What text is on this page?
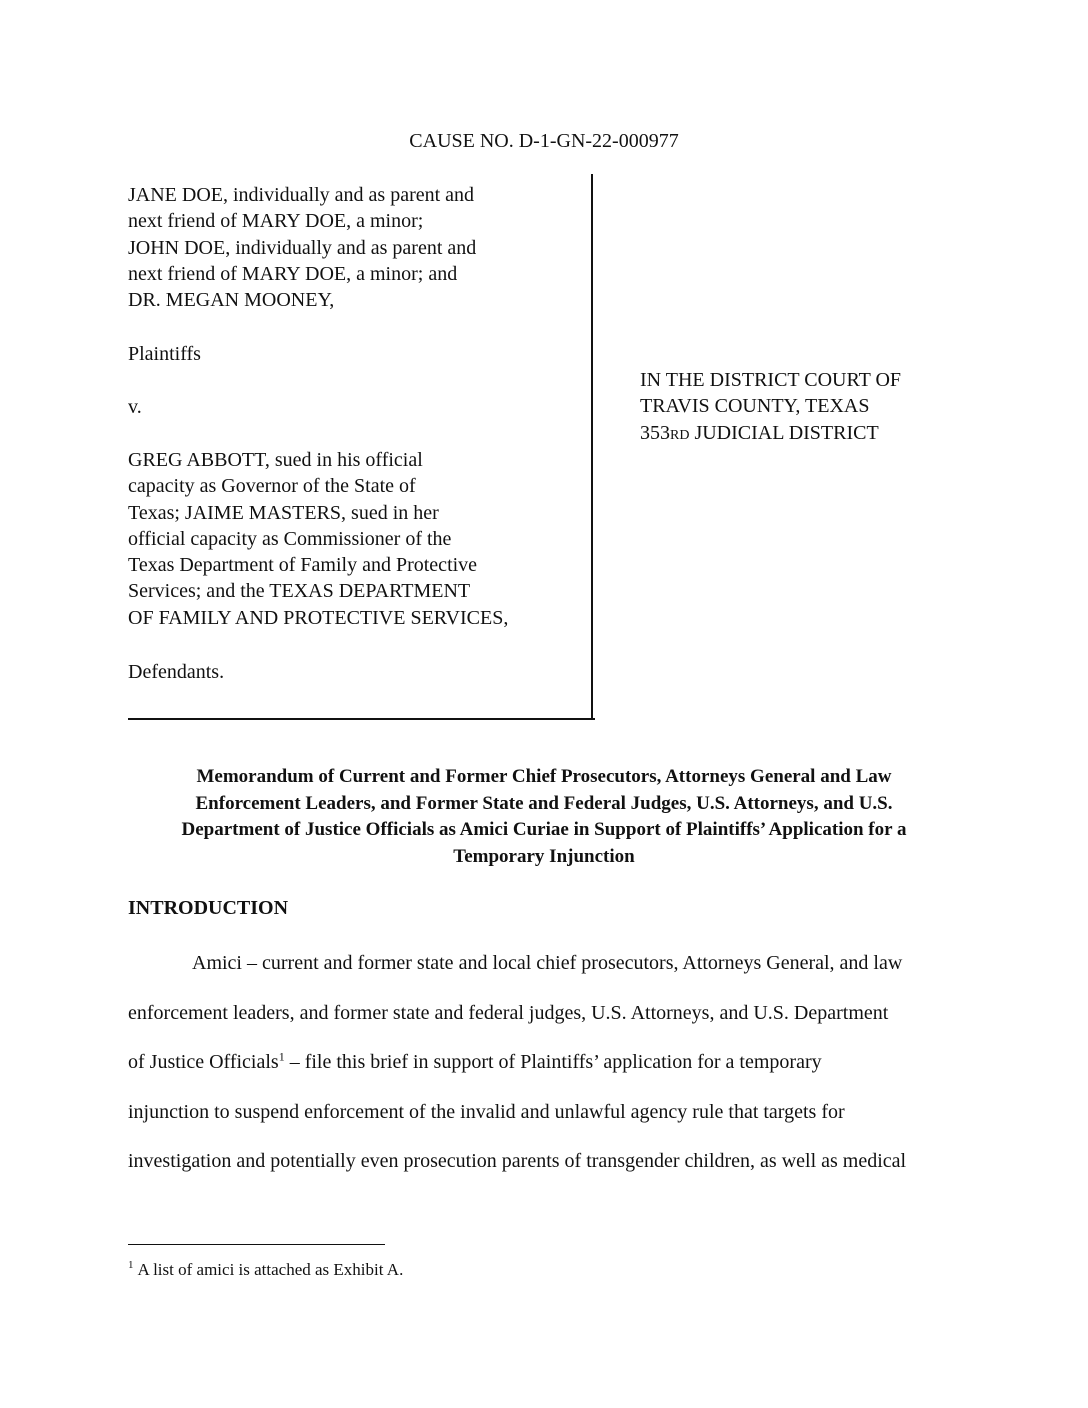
CAUSE NO. D-1-GN-22-000977
JANE DOE, individually and as parent and
next friend of MARY DOE, a minor;
JOHN DOE, individually and as parent and
next friend of MARY DOE, a minor; and
DR. MEGAN MOONEY,
Plaintiffs
v.
GREG ABBOTT, sued in his official
capacity as Governor of the State of
Texas; JAIME MASTERS, sued in her
official capacity as Commissioner of the
Texas Department of Family and Protective
Services; and the TEXAS DEPARTMENT
OF FAMILY AND PROTECTIVE SERVICES,
Defendants.
IN THE DISTRICT COURT OF
TRAVIS COUNTY, TEXAS
353RD JUDICIAL DISTRICT
Memorandum of Current and Former Chief Prosecutors, Attorneys General and Law
Enforcement Leaders, and Former State and Federal Judges, U.S. Attorneys, and U.S.
Department of Justice Officials as Amici Curiae in Support of Plaintiffs’ Application for a
Temporary Injunction
INTRODUCTION
Amici – current and former state and local chief prosecutors, Attorneys General, and law
enforcement leaders, and former state and federal judges, U.S. Attorneys, and U.S. Department
of Justice Officials$^1$ – file this brief in support of Plaintiffs’ application for a temporary
injunction to suspend enforcement of the invalid and unlawful agency rule that targets for
investigation and potentially even prosecution parents of transgender children, as well as medical
$^1$ A list of amici is attached as Exhibit A.
